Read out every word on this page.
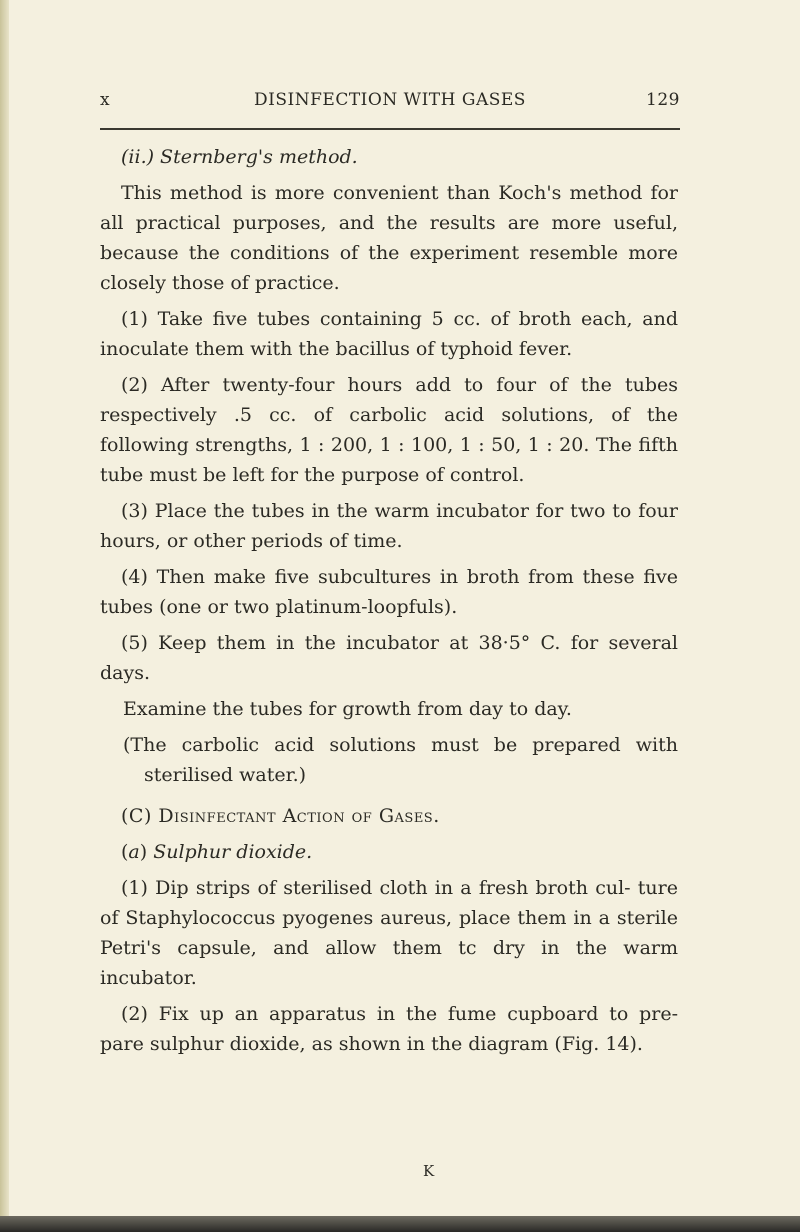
x	DISINFECTION WITH GASES	129

(ii.) Sternberg's method.

This method is more convenient than Koch's method for all practical purposes, and the results are more useful, because the conditions of the experiment resemble more closely those of practice.

(1) Take five tubes containing 5 cc. of broth each, and inoculate them with the bacillus of typhoid fever.

(2) After twenty-four hours add to four of the tubes respectively .5 cc. of carbolic acid solutions, of the following strengths, 1 : 200, 1 : 100, 1 : 50, 1 : 20. The fifth tube must be left for the purpose of control.

(3) Place the tubes in the warm incubator for two to four hours, or other periods of time.

(4) Then make five subcultures in broth from these five tubes (one or two platinum-loopfuls).

(5) Keep them in the incubator at 38·5° C. for several days.

Examine the tubes for growth from day to day.

(The carbolic acid solutions must be prepared with sterilised water.)

(C) Disinfectant Action of Gases.

(a) Sulphur dioxide.

(1) Dip strips of sterilised cloth in a fresh broth cul- ture of Staphylococcus pyogenes aureus, place them in a sterile Petri's capsule, and allow them tc dry in the warm incubator.

(2) Fix up an apparatus in the fume cupboard to pre- pare sulphur dioxide, as shown in the diagram (Fig. 14).

K
